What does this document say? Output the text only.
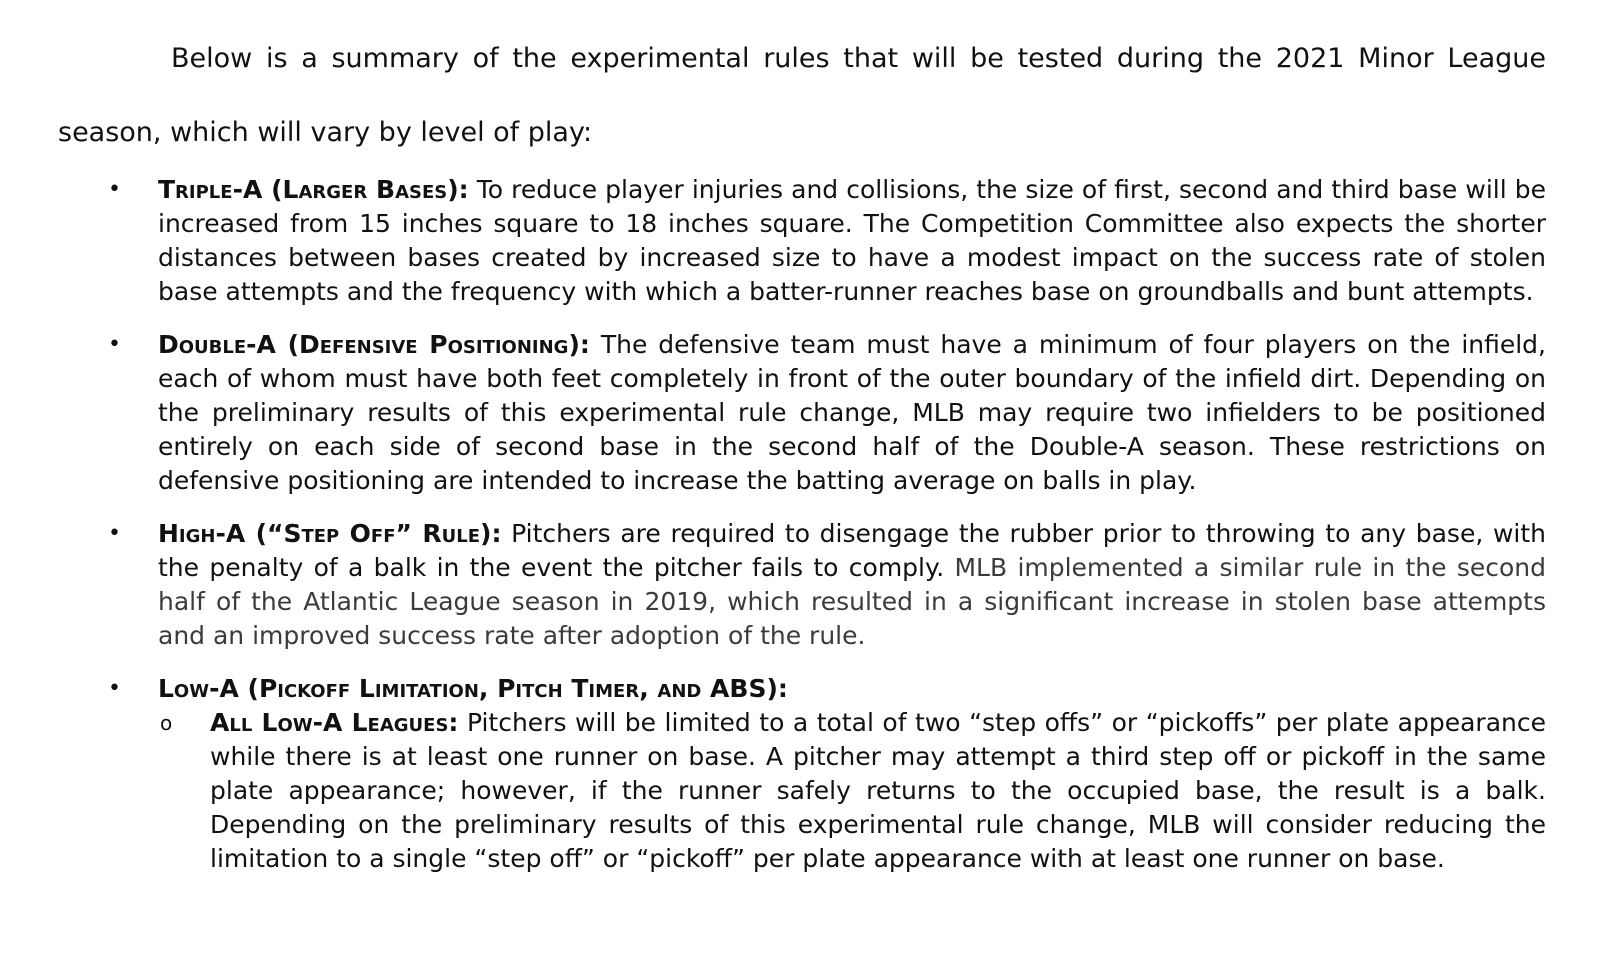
Below is a summary of the experimental rules that will be tested during the 2021 Minor League season, which will vary by level of play:

• Triple-A (Larger Bases): To reduce player injuries and collisions, the size of first, second and third base will be increased from 15 inches square to 18 inches square. The Competition Committee also expects the shorter distances between bases created by increased size to have a modest impact on the success rate of stolen base attempts and the frequency with which a batter-runner reaches base on groundballs and bunt attempts.
• Double-A (Defensive Positioning): The defensive team must have a minimum of four players on the infield, each of whom must have both feet completely in front of the outer boundary of the infield dirt. Depending on the preliminary results of this experimental rule change, MLB may require two infielders to be positioned entirely on each side of second base in the second half of the Double-A season. These restrictions on defensive positioning are intended to increase the batting average on balls in play.
• High-A (“Step Off” Rule): Pitchers are required to disengage the rubber prior to throwing to any base, with the penalty of a balk in the event the pitcher fails to comply. MLB implemented a similar rule in the second half of the Atlantic League season in 2019, which resulted in a significant increase in stolen base attempts and an improved success rate after adoption of the rule.
• Low-A (Pickoff Limitation, Pitch Timer, and ABS):
o All Low-A Leagues: Pitchers will be limited to a total of two “step offs” or “pickoffs” per plate appearance while there is at least one runner on base. A pitcher may attempt a third step off or pickoff in the same plate appearance; however, if the runner safely returns to the occupied base, the result is a balk. Depending on the preliminary results of this experimental rule change, MLB will consider reducing the limitation to a single “step off” or “pickoff” per plate appearance with at least one runner on base.
